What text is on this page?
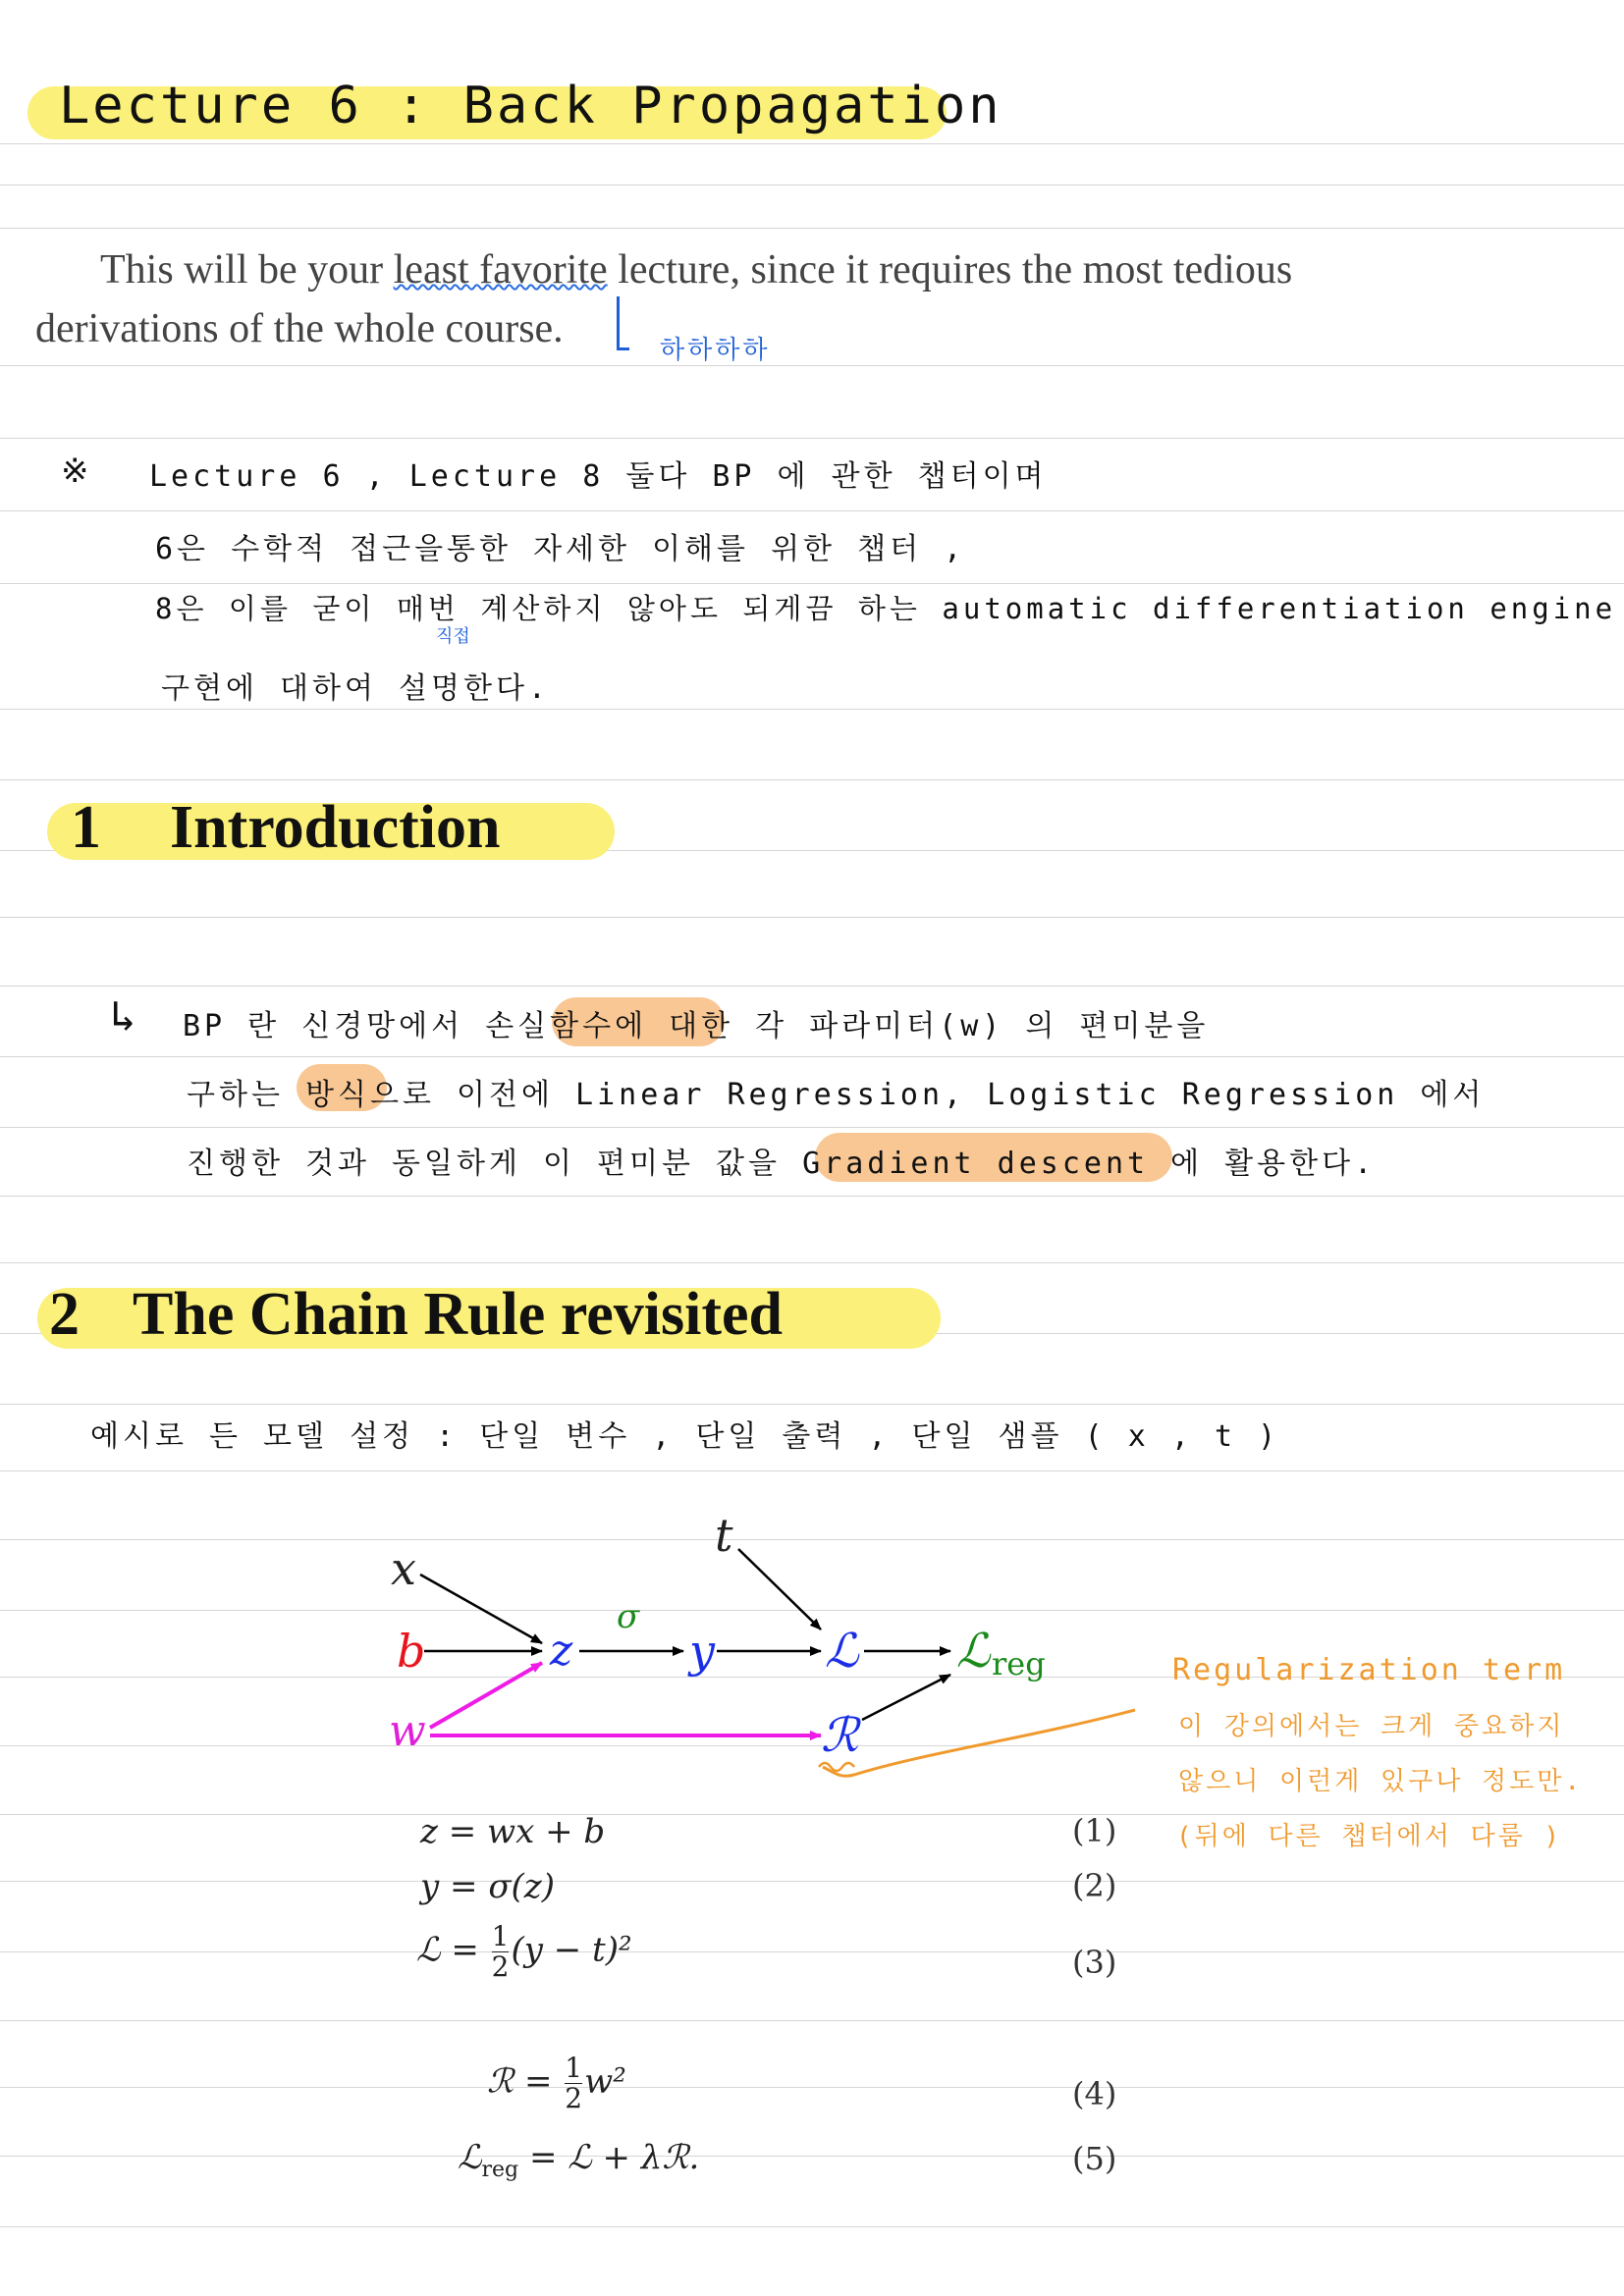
Lecture 6 : Back Propagation
This will be your least favorite lecture, since it requires the most tedious derivations of the whole course.	하하하하
※ Lecture 6 , Lecture 8 둘다 BP 에 관한 챕터이며
6은 수학적 접근을통한 자세한 이해를 위한 챕터 ,
8은 이를 굳이 매번 계산하지 않아도 되게끔 하는 automatic differentiation engine
직접
구현에 대하여 설명한다.
1 Introduction
↳ BP 란 신경망에서 손실함수에 대한 각 파라미터(w) 의 편미분을
구하는 방식으로 이전에 Linear Regression, Logistic Regression 에서
진행한 것과 동일하게 이 편미분 값을 Gradient descent 에 활용한다.
2 The Chain Rule revisited
예시로 든 모델 설정 : 단일 변수 , 단일 출력 , 단일 샘플 ( x , t )
x
t
b
w
z
σ
y ℒ
ℛ
ℒ reg
z = wx + b	(1)
y = σ(z)	(2)
ℒ = $\frac{1}{2} (y - t)^2$	(3)
ℛ = $\frac{1}{2} w^2$	(4)
ℒ$_{reg}$ = ℒ + λℛ.	(5)
Regularization term
이 강의에서는 크게 중요하지
않으니 이런게 있구나 정도만.
(뒤에 다른 챕터에서 다룸 )
